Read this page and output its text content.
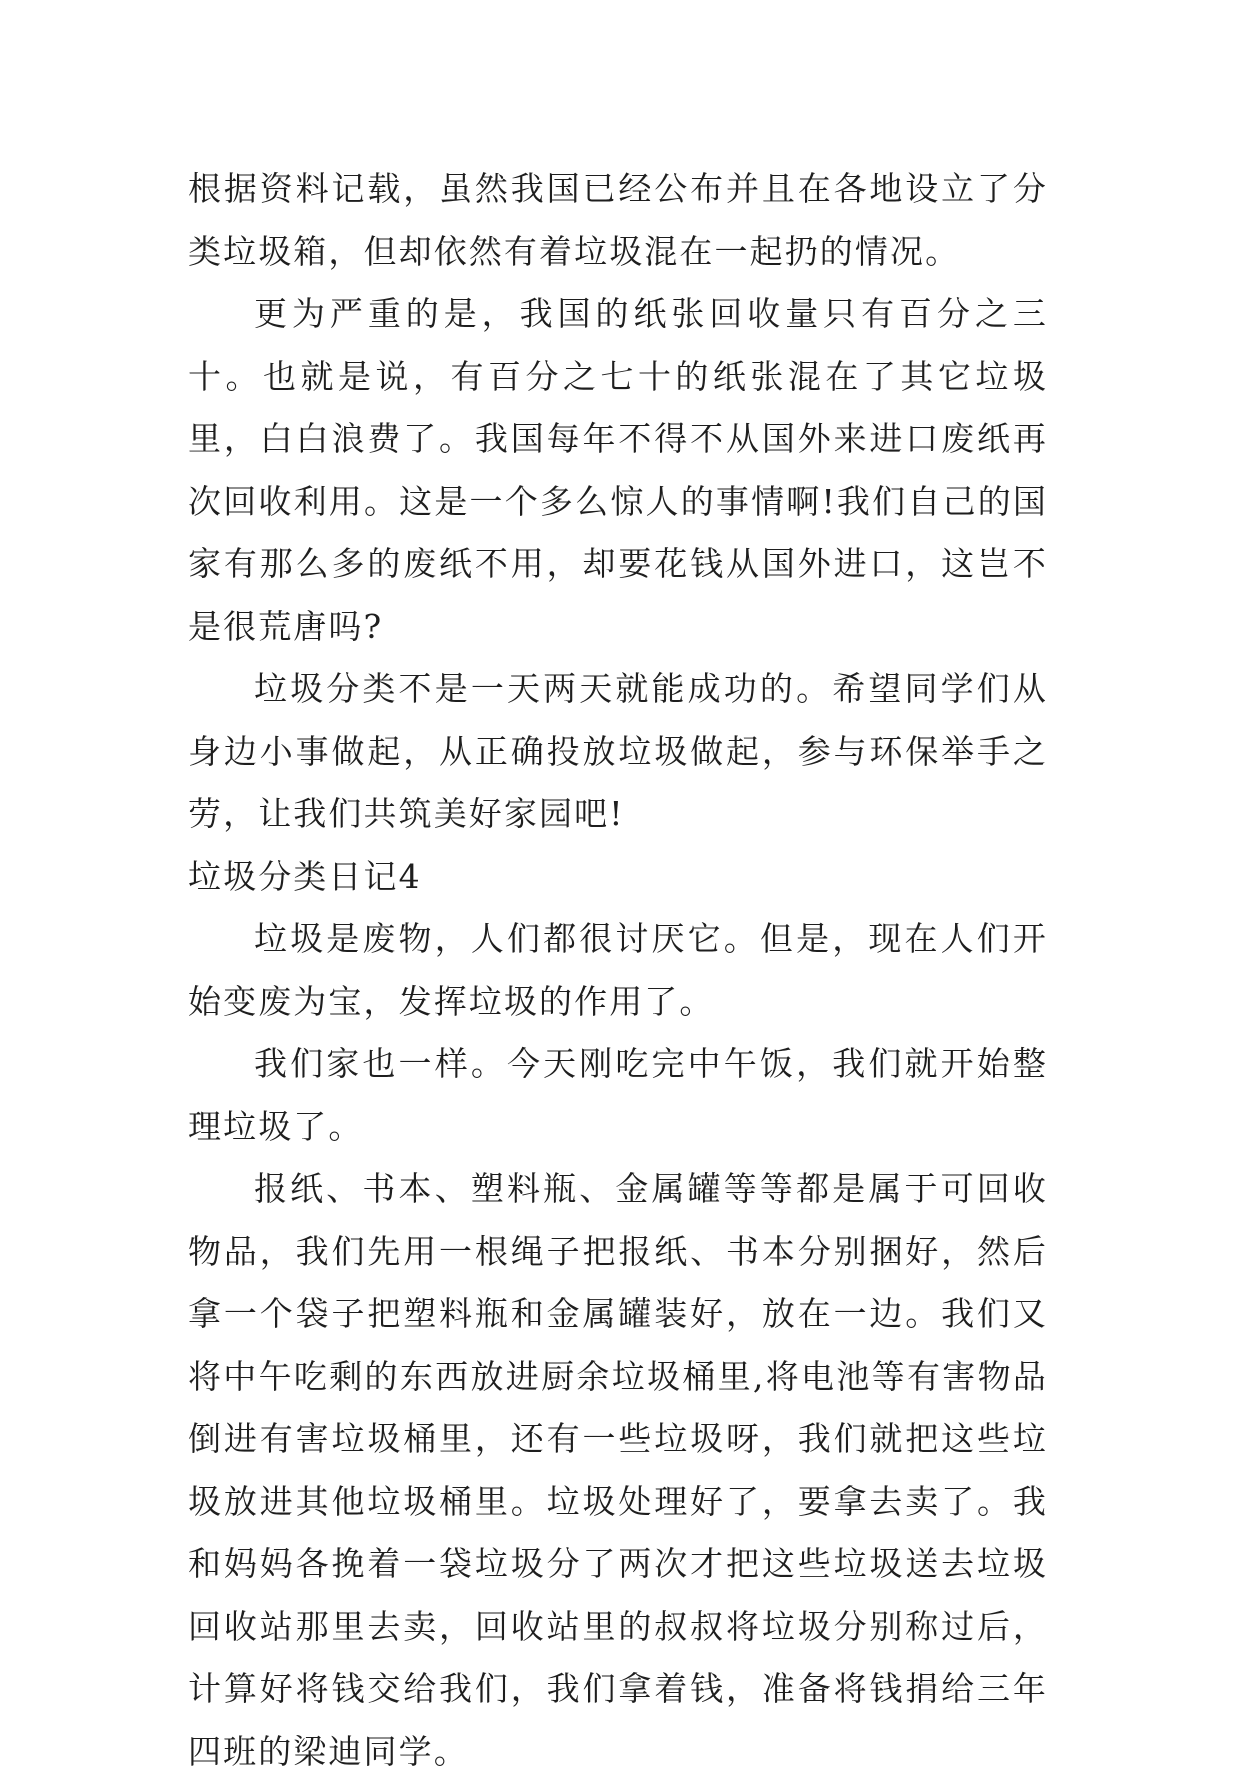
根据资料记载，虽然我国已经公布并且在各地设立了分类垃圾箱，但却依然有着垃圾混在一起扔的情况。

更为严重的是，我国的纸张回收量只有百分之三十。也就是说，有百分之七十的纸张混在了其它垃圾里，白白浪费了。我国每年不得不从国外来进口废纸再次回收利用。这是一个多么惊人的事情啊!我们自己的国家有那么多的废纸不用，却要花钱从国外进口，这岂不是很荒唐吗?

垃圾分类不是一天两天就能成功的。希望同学们从身边小事做起，从正确投放垃圾做起，参与环保举手之劳，让我们共筑美好家园吧!

垃圾分类日记4

垃圾是废物，人们都很讨厌它。但是，现在人们开始变废为宝，发挥垃圾的作用了。

我们家也一样。今天刚吃完中午饭，我们就开始整理垃圾了。

报纸、书本、塑料瓶、金属罐等等都是属于可回收物品，我们先用一根绳子把报纸、书本分别捆好，然后拿一个袋子把塑料瓶和金属罐装好，放在一边。我们又将中午吃剩的东西放进厨余垃圾桶里,将电池等有害物品倒进有害垃圾桶里，还有一些垃圾呀，我们就把这些垃圾放进其他垃圾桶里。垃圾处理好了，要拿去卖了。我和妈妈各挽着一袋垃圾分了两次才把这些垃圾送去垃圾回收站那里去卖，回收站里的叔叔将垃圾分别称过后，计算好将钱交给我们，我们拿着钱，准备将钱捐给三年四班的梁迪同学。
